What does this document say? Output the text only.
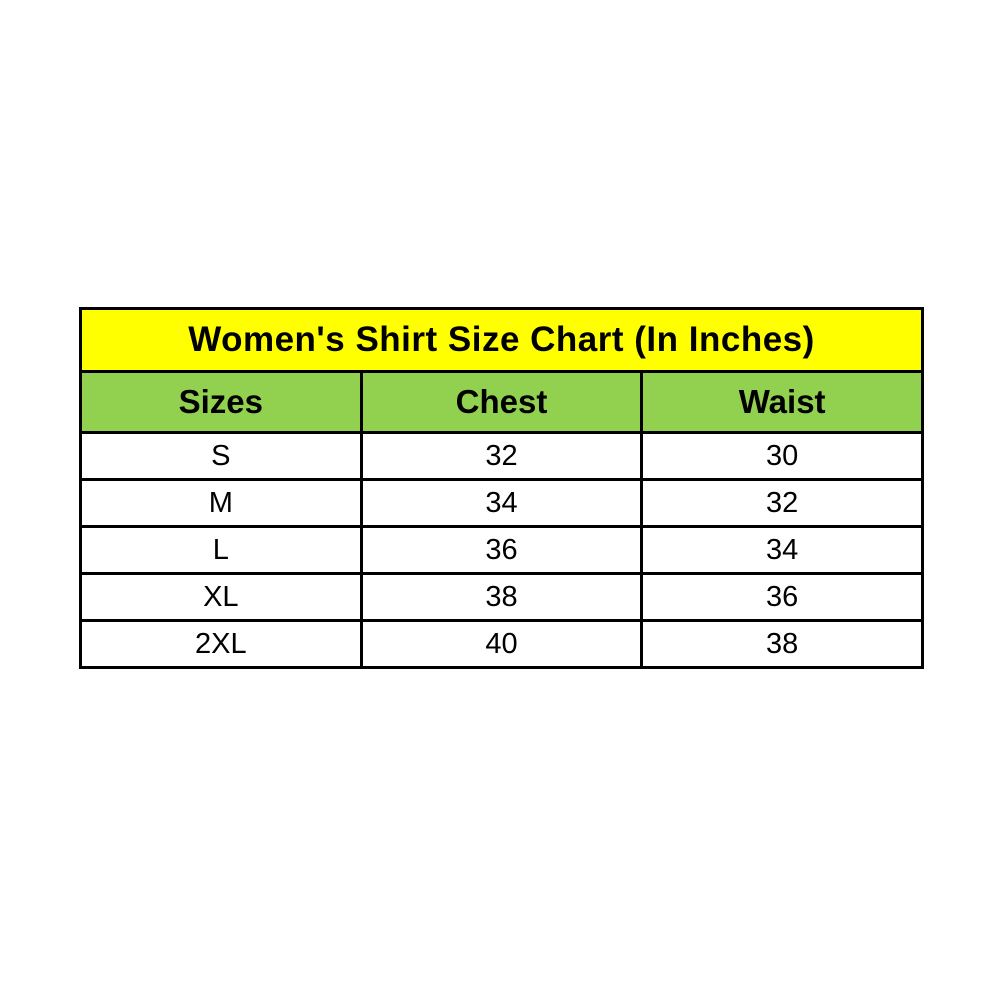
Women's Shirt Size Chart (In Inches)		
Sizes	Chest	Waist
S	32	30
M	34	32
L	36	34
XL	38	36
2XL	40	38
